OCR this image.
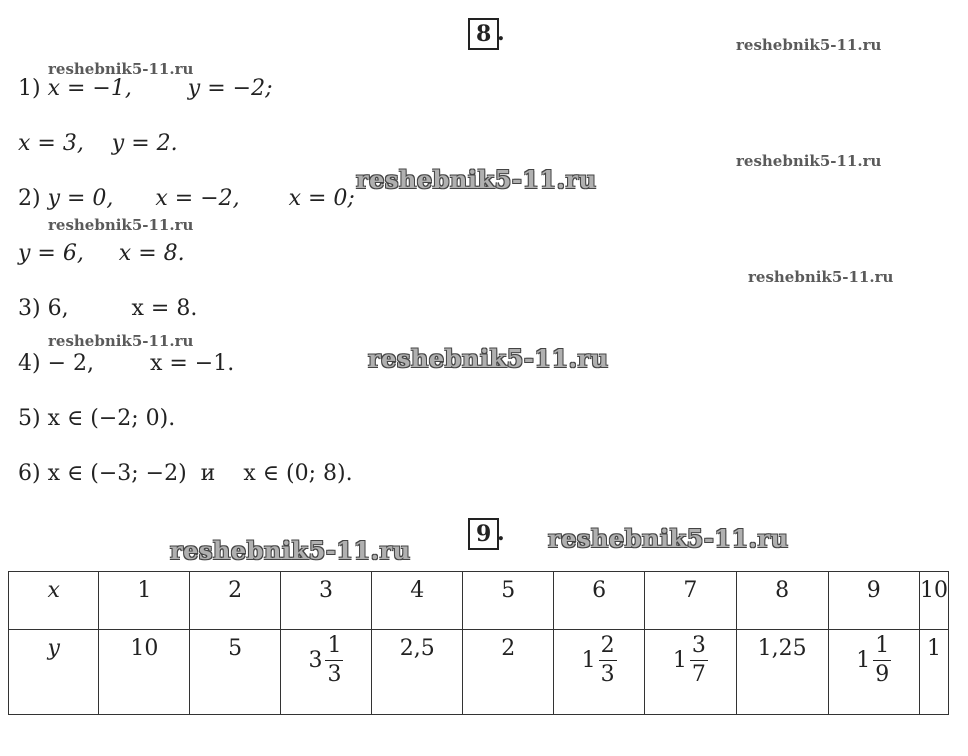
8 .
1) x = −1,        y = −2;
x = 3,    y = 2.
2) y = 0,      x = −2,       x = 0;
y = 6,     x = 8.
3) 6,         x = 8.
4) − 2,        x = −1.
5) x ∈ (−2; 0).
6) x ∈ (−3; −2)  и    x ∈ (0; 8).
9 .
x	1	2	3	4	5	6	7	8	9	10
y	10	5	$3 \frac{1}{3}$	2,5	2	$1 \frac{2}{3}$	$1 \frac{3}{7}$	1,25	$1 \frac{1}{9}$	1
reshebnik5-11.ru
reshebnik5-11.ru
reshebnik5-11.ru
reshebnik5-11.ru
reshebnik5-11.ru
reshebnik5-11.ru
reshebnik5-11.ru
reshebnik5-11.ru
reshebnik5-11.ru
reshebnik5-11.ru
